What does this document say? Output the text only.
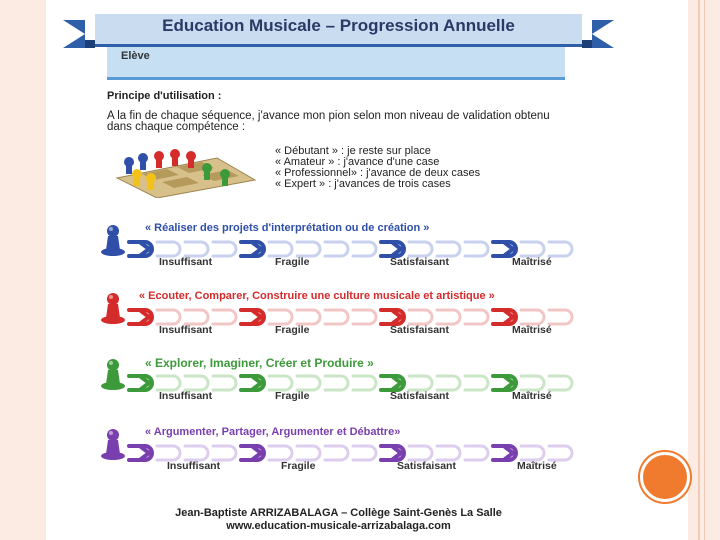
Education Musicale – Progression Annuelle
Elève
Principe d'utilisation :
A la fin de chaque séquence, j'avance mon pion selon mon niveau de validation obtenu dans chaque compétence :
« Débutant » : je reste sur place
« Amateur » : j'avance d'une case
« Professionnel» : j'avance de deux cases
« Expert » : j'avances de trois cases
« Réaliser des projets d'interprétation ou de création »
Insuffisant	Fragile	Satisfaisant	Maîtrisé
« Ecouter, Comparer, Construire une culture musicale et artistique »
Insuffisant	Fragile	Satisfaisant	Maîtrisé
« Explorer, Imaginer, Créer et Produire »
Insuffisant	Fragile	Satisfaisant	Maîtrisé
« Argumenter, Partager, Argumenter et Débattre»
Insuffisant	Fragile	Satisfaisant	Maîtrisé
Jean-Baptiste ARRIZABALAGA – Collège Saint-Genès La Salle
www.education-musicale-arrizabalaga.com
